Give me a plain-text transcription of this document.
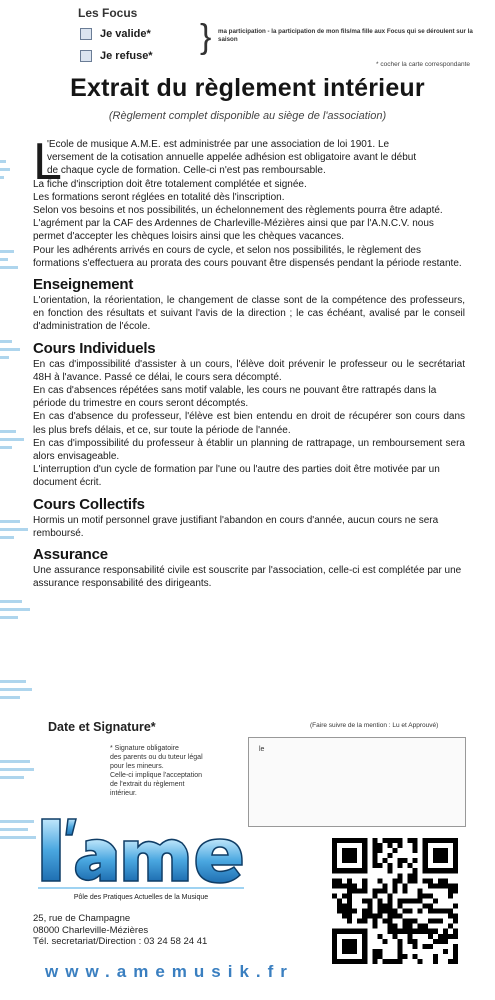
Les Focus
Je valide*
Je refuse* } ma participation - la participation de mon fils/ma fille aux Focus qui se déroulent sur la saison
* cocher la carte correspondante
Extrait du règlement intérieur
(Règlement complet disponible au siège de l'association)
L
'Ecole de musique A.M.E. est administrée par une association de loi 1901. Le
versement de la cotisation annuelle appelée adhésion est obligatoire avant le début
de chaque cycle de formation. Celle-ci n'est pas remboursable.
La fiche d'inscription doit être totalement complétée et signée.
Les formations seront réglées en totalité dès l'inscription.
Selon vos besoins et nos possibilités, un échelonnement des règlements pourra être adapté.
L'agrément par la CAF des Ardennes de Charleville-Mézières ainsi que par l'A.N.C.V. nous permet d'accepter les chèques loisirs ainsi que les chèques vacances.
Pour les adhérents arrivés en cours de cycle, et selon nos possibilités, le règlement des formations s'effectuera au prorata des cours pouvant être dispensés pendant la période restante.
Enseignement
L'orientation, la réorientation, le changement de classe sont de la compétence des professeurs, en fonction des résultats et suivant l'avis de la direction ; le cas échéant, avalisé par le conseil d'administration de l'école.
Cours Individuels
En cas d'impossibilité d'assister à un cours, l'élève doit prévenir le professeur ou le secrétariat 48H à l'avance. Passé ce délai, le cours sera décompté.
En cas d'absences répétées sans motif valable, les cours ne pouvant être rattrapés dans la période du trimestre en cours seront décomptés.
En cas d'absence du professeur, l'élève est bien entendu en droit de récupérer son cours dans les plus brefs délais, et ce, sur toute la période de l'année.
En cas d'impossibilité du professeur à établir un planning de rattrapage, un remboursement sera alors envisageable.
L'interruption d'un cycle de formation par l'une ou l'autre des parties doit être motivée par un document écrit.
Cours Collectifs
Hormis un motif personnel grave justifiant l'abandon en cours d'année, aucun cours ne sera remboursé.
Assurance
Une assurance responsabilité civile est souscrite par l'association, celle-ci est complétée par une assurance responsabilité des dirigeants.
Date et Signature*	(Faire suivre de la mention : Lu et Approuvé)
* Signature obligatoire
des parents ou du tuteur légal
pour les mineurs.
Celle-ci implique l'acceptation
de l'extrait du règlement
intérieur.
le
Pôle des Pratiques Actuelles de la Musique
25, rue de Champagne
08000 Charleville-Mézières
Tél. secretariat/Direction : 03 24 58 24 41
www.amemusik.fr
